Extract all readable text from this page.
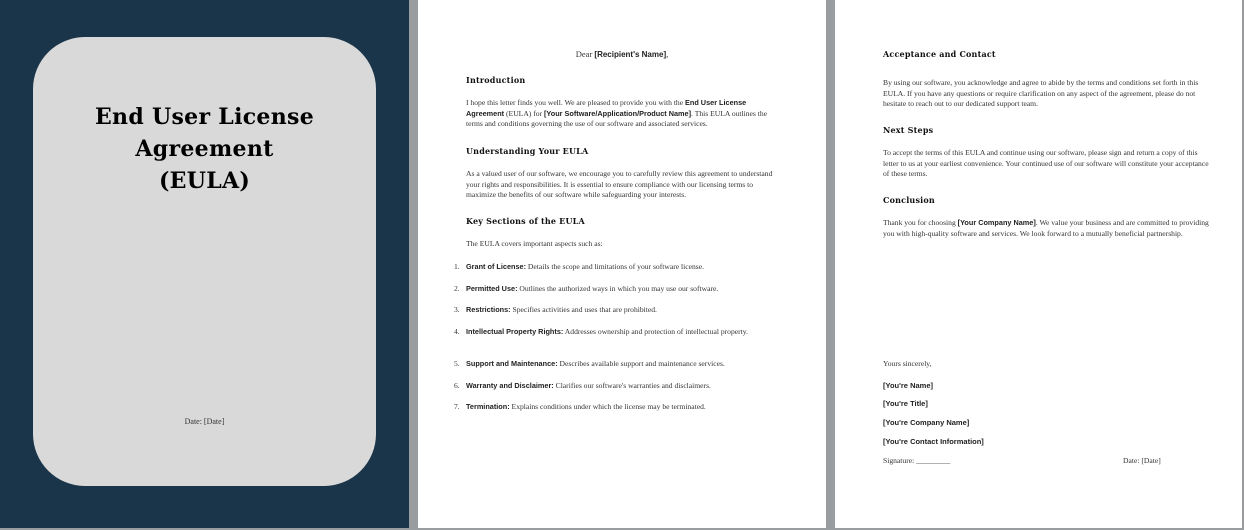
End User License
Agreement
(EULA)
Date: [Date]
Dear [Recipient's Name],
Introduction
I hope this letter finds you well. We are pleased to provide you with the End User License Agreement (EULA) for [Your Software/Application/Product Name]. This EULA outlines the terms and conditions governing the use of our software and associated services.
Understanding Your EULA
As a valued user of our software, we encourage you to carefully review this agreement to understand your rights and responsibilities. It is essential to ensure compliance with our licensing terms to maximize the benefits of our software while safeguarding your interests.
Key Sections of the EULA
The EULA covers important aspects such as:
1. Grant of License: Details the scope and limitations of your software license.
2. Permitted Use: Outlines the authorized ways in which you may use our software.
3. Restrictions: Specifies activities and uses that are prohibited.
4. Intellectual Property Rights: Addresses ownership and protection of intellectual property.
5. Support and Maintenance: Describes available support and maintenance services.
6. Warranty and Disclaimer: Clarifies our software's warranties and disclaimers.
7. Termination: Explains conditions under which the license may be terminated.
Acceptance and Contact
By using our software, you acknowledge and agree to abide by the terms and conditions set forth in this EULA. If you have any questions or require clarification on any aspect of the agreement, please do not hesitate to reach out to our dedicated support team.
Next Steps
To accept the terms of this EULA and continue using our software, please sign and return a copy of this letter to us at your earliest convenience. Your continued use of our software will constitute your acceptance of these terms.
Conclusion
Thank you for choosing [Your Company Name]. We value your business and are committed to providing you with high-quality software and services. We look forward to a mutually beneficial partnership.
Yours sincerely,
[You're Name]
[You're Title]
[You're Company Name]
[You're Contact Information]
Signature: _________	Date: [Date]
